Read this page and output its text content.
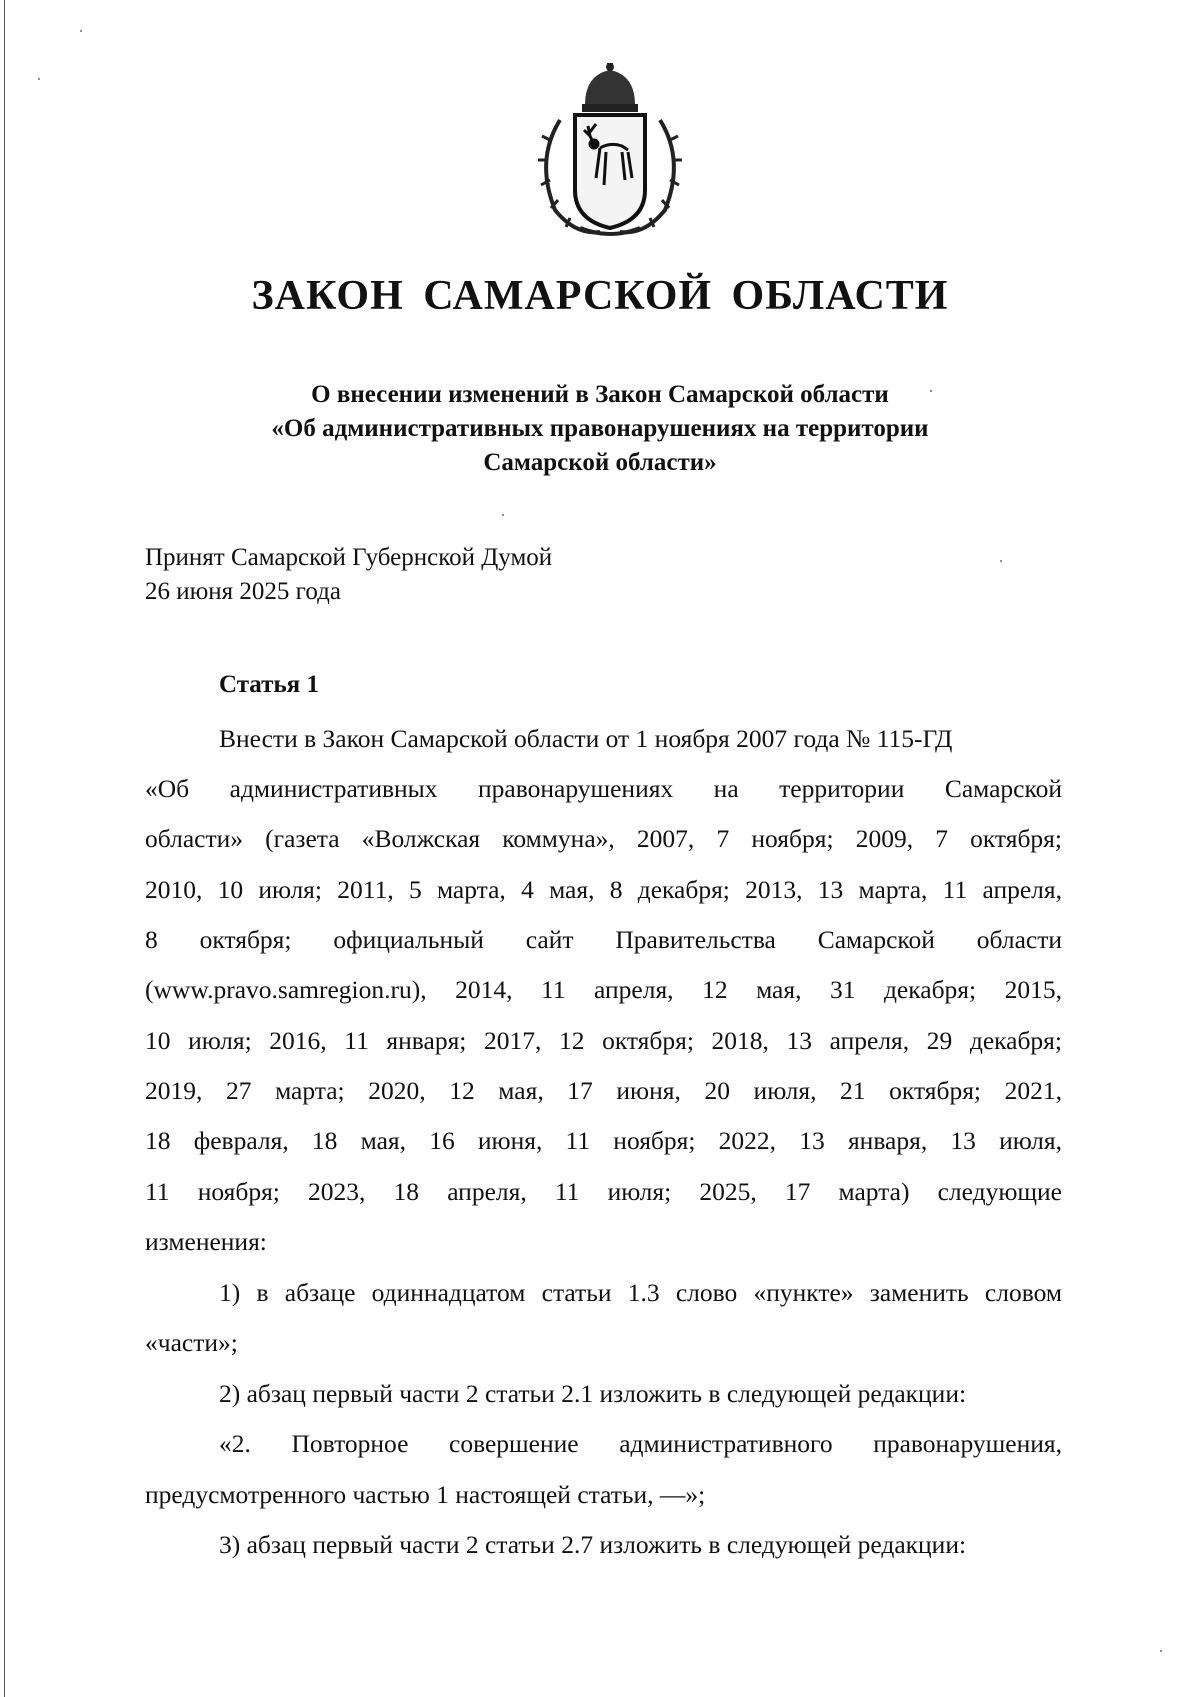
ЗАКОН САМАРСКОЙ ОБЛАСТИ
О внесении изменений в Закон Самарской области
«Об административных правонарушениях на территории
Самарской области»
Принят Самарской Губернской Думой
26 июня 2025 года
Статья 1
Внести в Закон Самарской области от 1 ноября 2007 года № 115-ГД
«Об административных правонарушениях на территории Самарской
области» (газета «Волжская коммуна», 2007, 7 ноября; 2009, 7 октября;
2010, 10 июля; 2011, 5 марта, 4 мая, 8 декабря; 2013, 13 марта, 11 апреля,
8 октября; официальный сайт Правительства Самарской области
(www.pravo.samregion.ru), 2014, 11 апреля, 12 мая, 31 декабря; 2015,
10 июля; 2016, 11 января; 2017, 12 октября; 2018, 13 апреля, 29 декабря;
2019, 27 марта; 2020, 12 мая, 17 июня, 20 июля, 21 октября; 2021,
18 февраля, 18 мая, 16 июня, 11 ноября; 2022, 13 января, 13 июля,
11 ноября; 2023, 18 апреля, 11 июля; 2025, 17 марта) следующие
изменения:
1) в абзаце одиннадцатом статьи 1.3 слово «пункте» заменить словом
«части»;
2) абзац первый части 2 статьи 2.1 изложить в следующей редакции:
«2. Повторное совершение административного правонарушения,
предусмотренного частью 1 настоящей статьи, —»;
3) абзац первый части 2 статьи 2.7 изложить в следующей редакции:
